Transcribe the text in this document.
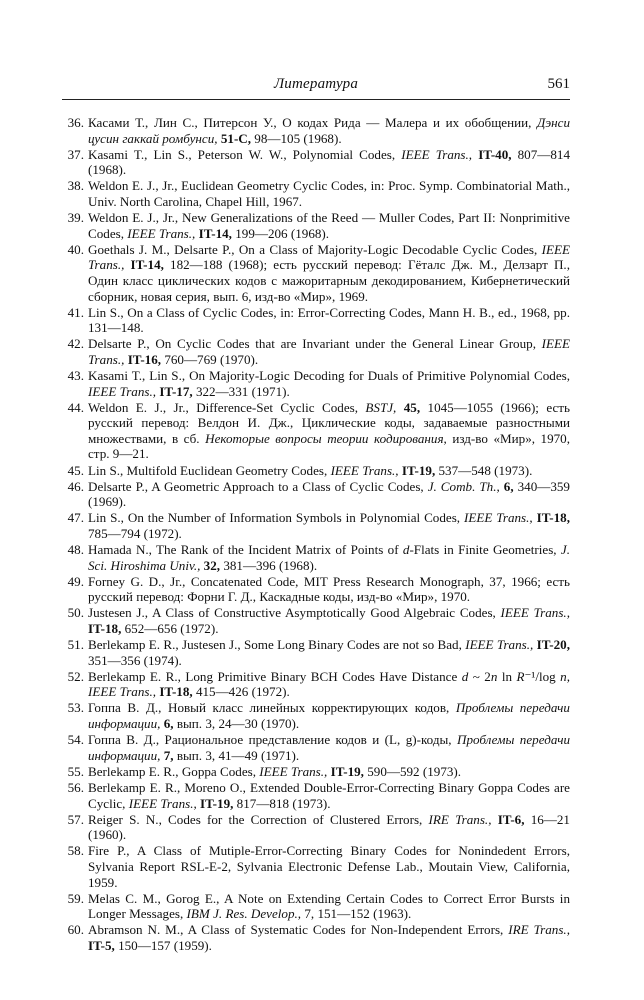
Литература	561
36. Касами Т., Лин С., Питерсон У., О кодах Рида — Малера и их обобщении, Дэнси цусин гаккай ромбунси, 51-C, 98—105 (1968).
37. Kasami T., Lin S., Peterson W. W., Polynomial Codes, IEEE Trans., IT-40, 807—814 (1968).
38. Weldon E. J., Jr., Euclidean Geometry Cyclic Codes, in: Proc. Symp. Combinatorial Math., Univ. North Carolina, Chapel Hill, 1967.
39. Weldon E. J., Jr., New Generalizations of the Reed — Muller Codes, Part II: Nonprimitive Codes, IEEE Trans., IT-14, 199—206 (1968).
40. Goethals J. M., Delsarte P., On a Class of Majority-Logic Decodable Cyclic Codes, IEEE Trans., IT-14, 182—188 (1968); есть русский перевод: Гёталс Дж. М., Делзарт П., Один класс циклических кодов с мажоритарным декодированием, Кибернетический сборник, новая серия, вып. 6, изд-во «Мир», 1969.
41. Lin S., On a Class of Cyclic Codes, in: Error-Correcting Codes, Mann H. B., ed., 1968, pp. 131—148.
42. Delsarte P., On Cyclic Codes that are Invariant under the General Linear Group, IEEE Trans., IT-16, 760—769 (1970).
43. Kasami T., Lin S., On Majority-Logic Decoding for Duals of Primitive Polynomial Codes, IEEE Trans., IT-17, 322—331 (1971).
44. Weldon E. J., Jr., Difference-Set Cyclic Codes, BSTJ, 45, 1045—1055 (1966); есть русский перевод: Велдон И. Дж., Циклические коды, задаваемые разностными множествами, в сб. Некоторые вопросы теории кодирования, изд-во «Мир», 1970, стр. 9—21.
45. Lin S., Multifold Euclidean Geometry Codes, IEEE Trans., IT-19, 537—548 (1973).
46. Delsarte P., A Geometric Approach to a Class of Cyclic Codes, J. Comb. Th., 6, 340—359 (1969).
47. Lin S., On the Number of Information Symbols in Polynomial Codes, IEEE Trans., IT-18, 785—794 (1972).
48. Hamada N., The Rank of the Incident Matrix of Points of d-Flats in Finite Geometries, J. Sci. Hiroshima Univ., 32, 381—396 (1968).
49. Forney G. D., Jr., Concatenated Code, MIT Press Research Monograph, 37, 1966; есть русский перевод: Форни Г. Д., Каскадные коды, изд-во «Мир», 1970.
50. Justesen J., A Class of Constructive Asymptotically Good Algebraic Codes, IEEE Trans., IT-18, 652—656 (1972).
51. Berlekamp E. R., Justesen J., Some Long Binary Codes are not so Bad, IEEE Trans., IT-20, 351—356 (1974).
52. Berlekamp E. R., Long Primitive Binary BCH Codes Have Distance d ~ 2n ln R⁻¹/log n, IEEE Trans., IT-18, 415—426 (1972).
53. Гоппа В. Д., Новый класс линейных корректирующих кодов, Проблемы передачи информации, 6, вып. 3, 24—30 (1970).
54. Гоппа В. Д., Рациональное представление кодов и (L, g)-коды, Проблемы передачи информации, 7, вып. 3, 41—49 (1971).
55. Berlekamp E. R., Goppa Codes, IEEE Trans., IT-19, 590—592 (1973).
56. Berlekamp E. R., Moreno O., Extended Double-Error-Correcting Binary Goppa Codes are Cyclic, IEEE Trans., IT-19, 817—818 (1973).
57. Reiger S. N., Codes for the Correction of Clustered Errors, IRE Trans., IT-6, 16—21 (1960).
58. Fire P., A Class of Mutiple-Error-Correcting Binary Codes for Nonindedent Errors, Sylvania Report RSL-E-2, Sylvania Electronic Defense Lab., Moutain View, California, 1959.
59. Melas C. M., Gorog E., A Note on Extending Certain Codes to Correct Error Bursts in Longer Messages, IBM J. Res. Develop., 7, 151—152 (1963).
60. Abramson N. M., A Class of Systematic Codes for Non-Independent Errors, IRE Trans., IT-5, 150—157 (1959).
